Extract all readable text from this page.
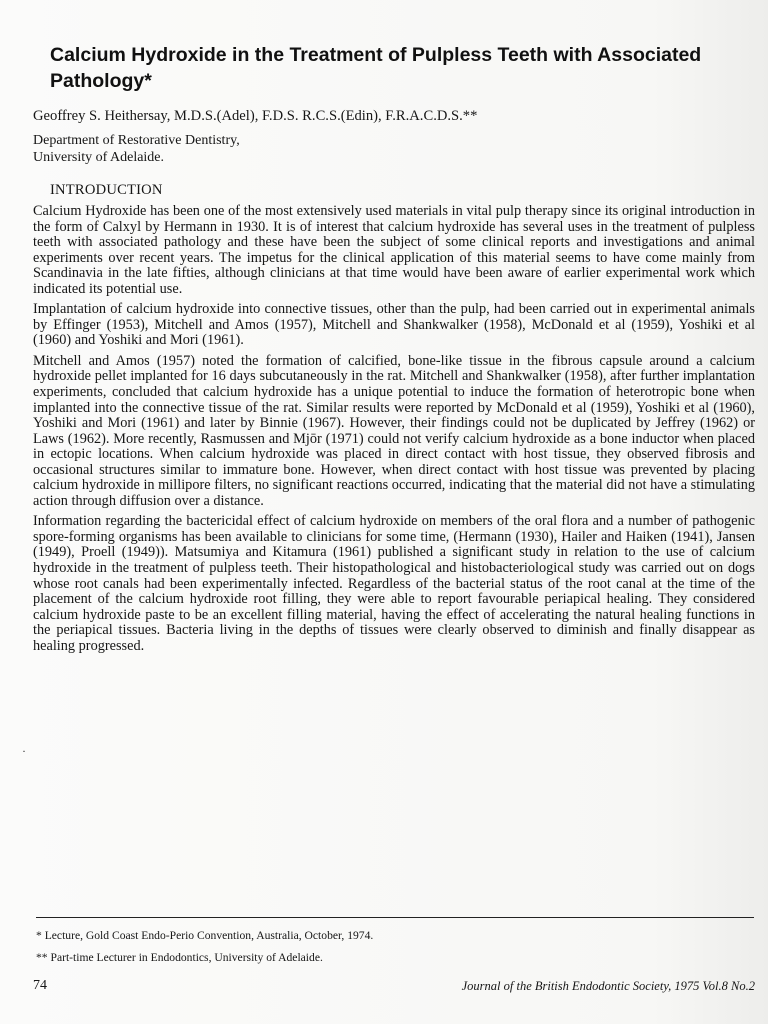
Calcium Hydroxide in the Treatment of Pulpless Teeth with Associated Pathology*
Geoffrey S. Heithersay, M.D.S.(Adel), F.D.S. R.C.S.(Edin), F.R.A.C.D.S.**
Department of Restorative Dentistry,
University of Adelaide.
INTRODUCTION

Calcium Hydroxide has been one of the most extensively used materials in vital pulp therapy since its original introduction in the form of Calxyl by Hermann in 1930. It is of interest that calcium hydroxide has several uses in the treatment of pulpless teeth with associated pathology and these have been the subject of some clinical reports and investigations and animal experiments over recent years. The impetus for the clinical application of this material seems to have come mainly from Scandinavia in the late fifties, although clinicians at that time would have been aware of earlier experimental work which indicated its potential use.

Implantation of calcium hydroxide into connective tissues, other than the pulp, had been carried out in experimental animals by Effinger (1953), Mitchell and Amos (1957), Mitchell and Shankwalker (1958), McDonald et al (1959), Yoshiki et al (1960) and Yoshiki and Mori (1961).

Mitchell and Amos (1957) noted the formation of calcified, bone-like tissue in the fibrous capsule around a calcium hydroxide pellet implanted for 16 days subcutaneously in the rat. Mitchell and Shankwalker (1958), after further implantation experiments, concluded that calcium hydroxide has a unique potential to induce the formation of heterotropic bone when implanted into the connective tissue of the rat. Similar results were reported by McDonald et al (1959), Yoshiki et al (1960), Yoshiki and Mori (1961) and later by Binnie (1967). However, their findings could not be duplicated by Jeffrey (1962) or Laws (1962). More recently, Rasmussen and Mjōr (1971) could not verify calcium hydroxide as a bone inductor when placed in ectopic locations. When calcium hydroxide was placed in direct contact with host tissue, they observed fibrosis and occasional structures similar to immature bone. However, when direct contact with host tissue was prevented by placing calcium hydroxide in millipore filters, no significant reactions occurred, indicating that the material did not have a stimulating action through diffusion over a distance.

Information regarding the bactericidal effect of calcium hydroxide on members of the oral flora and a number of pathogenic spore-forming organisms has been available to clinicians for some time, (Hermann (1930), Hailer and Haiken (1941), Jansen (1949), Proell (1949)). Matsumiya and Kitamura (1961) published a significant study in relation to the use of calcium hydroxide in the treatment of pulpless teeth. Their histopathological and histobacteriological study was carried out on dogs whose root canals had been experimentally infected. Regardless of the bacterial status of the root canal at the time of the placement of the calcium hydroxide root filling, they were able to report favourable periapical healing. They considered calcium hydroxide paste to be an excellent filling material, having the effect of accelerating the natural healing functions in the periapical tissues. Bacteria living in the depths of tissues were clearly observed to diminish and finally disappear as healing progressed.

·

* Lecture, Gold Coast Endo-Perio Convention, Australia, October, 1974.

** Part-time Lecturer in Endodontics, University of Adelaide.

74	Journal of the British Endodontic Society, 1975 Vol.8 No.2
